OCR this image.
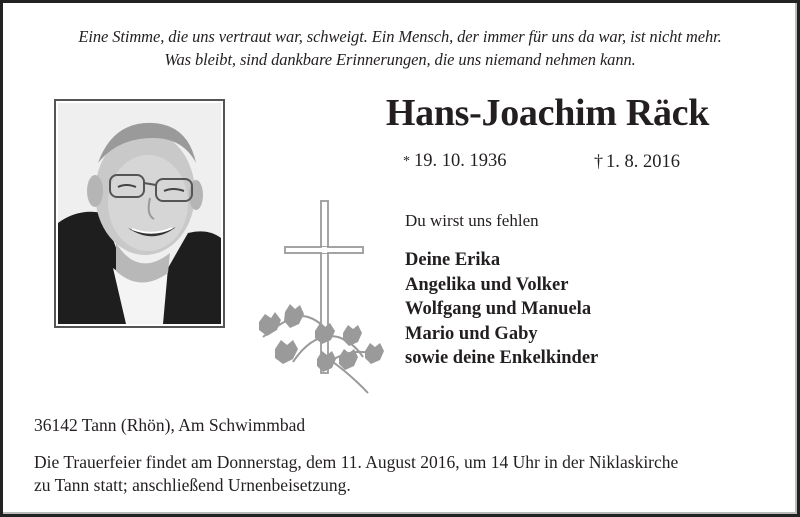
Eine Stimme, die uns vertraut war, schweigt. Ein Mensch, der immer für uns da war, ist nicht mehr.
Was bleibt, sind dankbare Erinnerungen, die uns niemand nehmen kann.
Hans-Joachim Räck
* 19. 10. 1936	† 1. 8. 2016
Du wirst uns fehlen
Deine Erika
Angelika und Volker
Wolfgang und Manuela
Mario und Gaby
sowie deine Enkelkinder
36142 Tann (Rhön), Am Schwimmbad
Die Trauerfeier findet am Donnerstag, dem 11. August 2016, um 14 Uhr in der Niklaskirche
zu Tann statt; anschließend Urnenbeisetzung.
